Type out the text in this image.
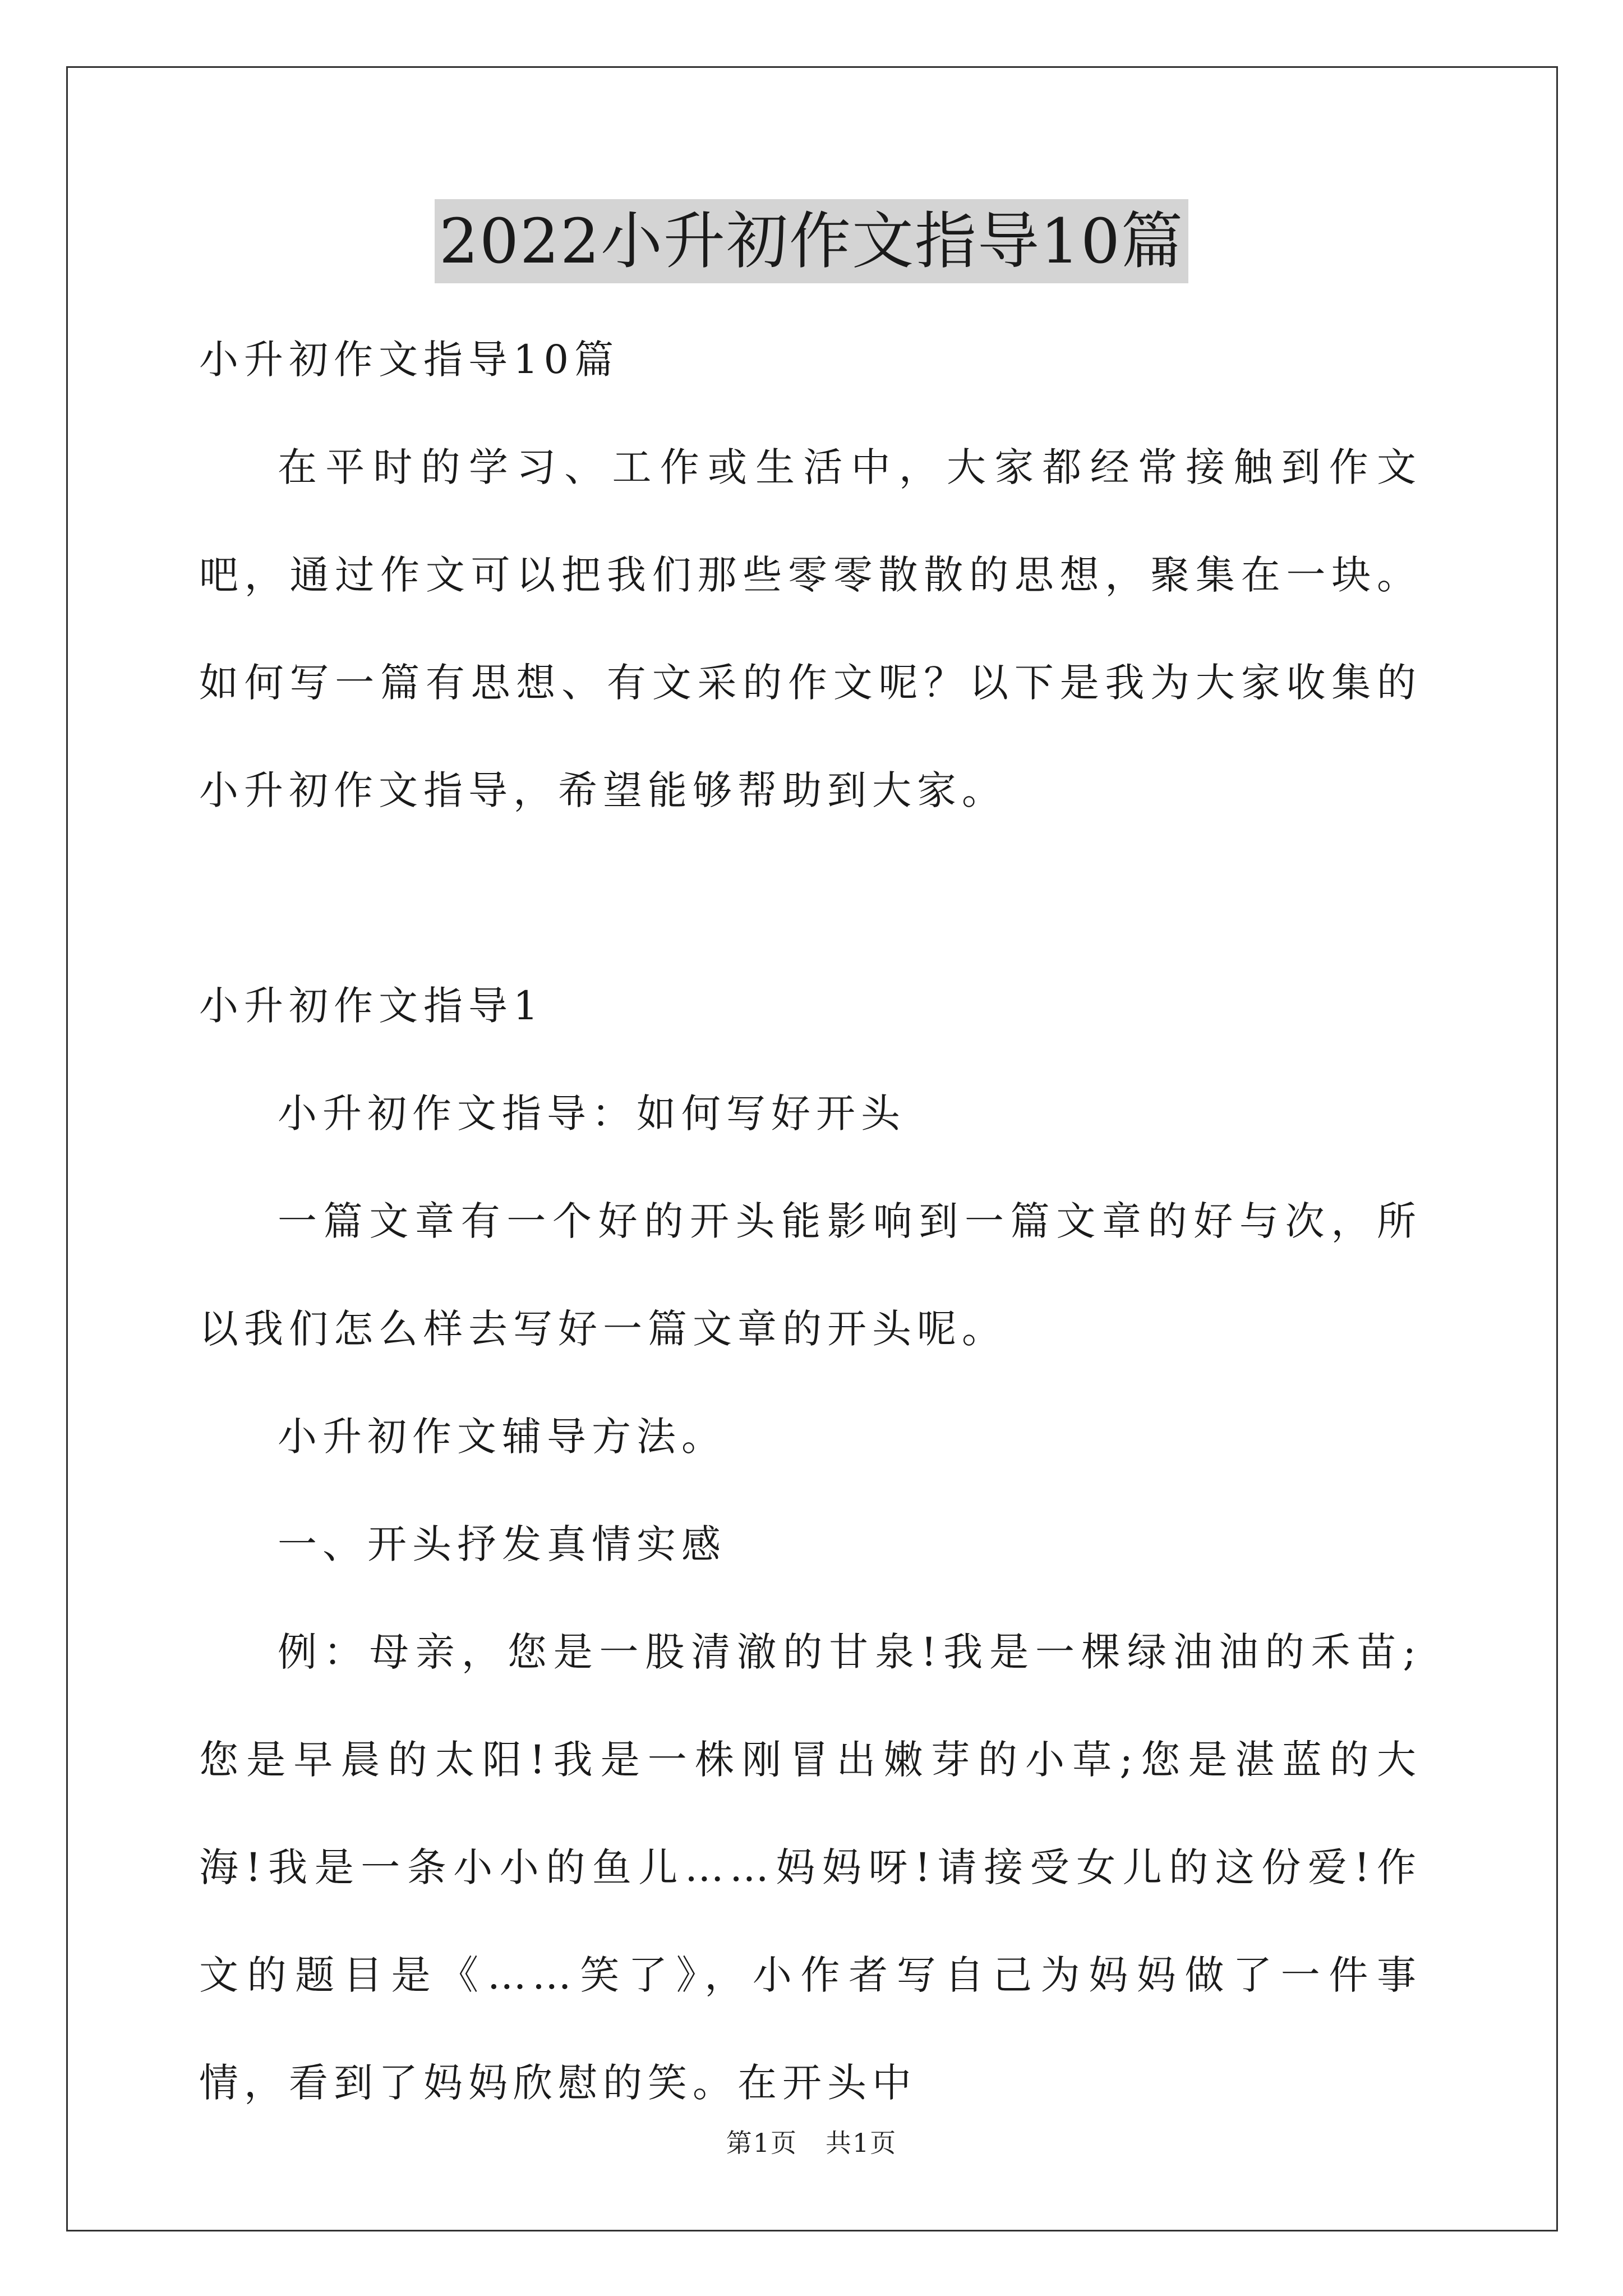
2022小升初作文指导10篇

小升初作文指导10篇

在平时的学习、工作或生活中，大家都经常接触到作文吧，通过作文可以把我们那些零零散散的思想，聚集在一块。如何写一篇有思想、有文采的作文呢？以下是我为大家收集的小升初作文指导，希望能够帮助到大家。

小升初作文指导1

小升初作文指导：如何写好开头

一篇文章有一个好的开头能影响到一篇文章的好与次，所以我们怎么样去写好一篇文章的开头呢。

小升初作文辅导方法。

一、开头抒发真情实感

例：母亲，您是一股清澈的甘泉!我是一棵绿油油的禾苗;您是早晨的太阳!我是一株刚冒出嫩芽的小草;您是湛蓝的大海!我是一条小小的鱼儿……妈妈呀!请接受女儿的这份爱!作文的题目是《……笑了》，小作者写自己为妈妈做了一件事情，看到了妈妈欣慰的笑。在开头中

第1页 共1页
